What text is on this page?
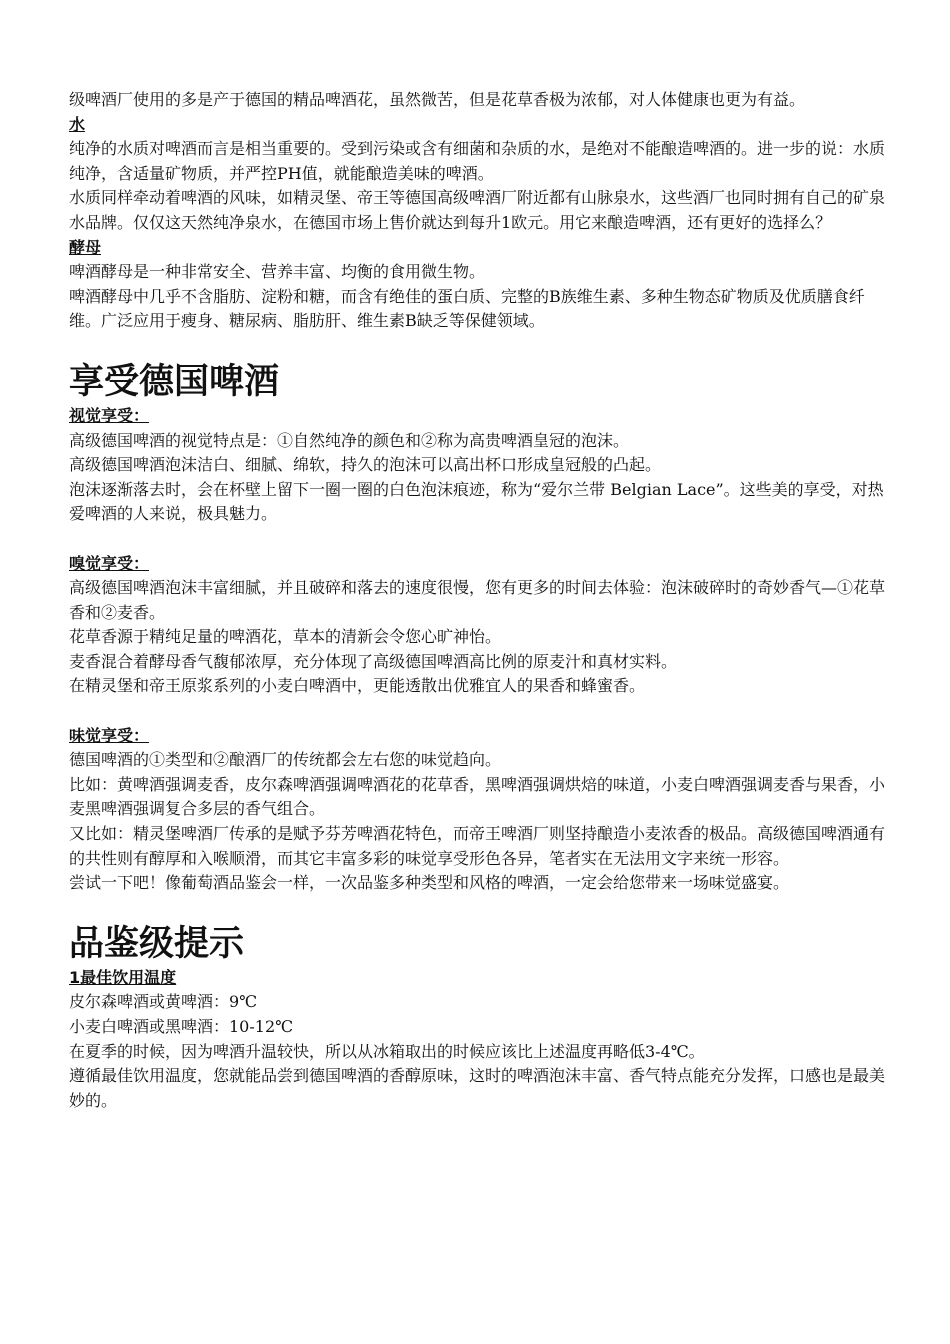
级啤酒厂使用的多是产于德国的精品啤酒花，虽然微苦，但是花草香极为浓郁，对人体健康也更为有益。

水

纯净的水质对啤酒而言是相当重要的。受到污染或含有细菌和杂质的水，是绝对不能酿造啤酒的。进一步的说：水质纯净，含适量矿物质，并严控PH值，就能酿造美味的啤酒。

水质同样牵动着啤酒的风味，如精灵堡、帝王等德国高级啤酒厂附近都有山脉泉水，这些酒厂也同时拥有自己的矿泉水品牌。仅仅这天然纯净泉水，在德国市场上售价就达到每升1欧元。用它来酿造啤酒，还有更好的选择么？

酵母

啤酒酵母是一种非常安全、营养丰富、均衡的食用微生物。

啤酒酵母中几乎不含脂肪、淀粉和糖，而含有绝佳的蛋白质、完整的B族维生素、多种生物态矿物质及优质膳食纤维。广泛应用于瘦身、糖尿病、脂肪肝、维生素B缺乏等保健领域。

享受德国啤酒

视觉享受：

高级德国啤酒的视觉特点是：①自然纯净的颜色和②称为高贵啤酒皇冠的泡沫。

高级德国啤酒泡沫洁白、细腻、绵软，持久的泡沫可以高出杯口形成皇冠般的凸起。

泡沫逐渐落去时，会在杯壁上留下一圈一圈的白色泡沫痕迹，称为“爱尔兰带 Belgian Lace”。这些美的享受，对热爱啤酒的人来说，极具魅力。

嗅觉享受：

高级德国啤酒泡沫丰富细腻，并且破碎和落去的速度很慢，您有更多的时间去体验：泡沫破碎时的奇妙香气—①花草香和②麦香。

花草香源于精纯足量的啤酒花，草本的清新会令您心旷神怡。

麦香混合着酵母香气馥郁浓厚，充分体现了高级德国啤酒高比例的原麦汁和真材实料。

在精灵堡和帝王原浆系列的小麦白啤酒中，更能透散出优雅宜人的果香和蜂蜜香。

味觉享受：

德国啤酒的①类型和②酿酒厂的传统都会左右您的味觉趋向。

比如：黄啤酒强调麦香，皮尔森啤酒强调啤酒花的花草香，黑啤酒强调烘焙的味道，小麦白啤酒强调麦香与果香，小麦黑啤酒强调复合多层的香气组合。

又比如：精灵堡啤酒厂传承的是赋予芬芳啤酒花特色，而帝王啤酒厂则坚持酿造小麦浓香的极品。高级德国啤酒通有的共性则有醇厚和入喉顺滑，而其它丰富多彩的味觉享受形色各异，笔者实在无法用文字来统一形容。

尝试一下吧！像葡萄酒品鉴会一样，一次品鉴多种类型和风格的啤酒，一定会给您带来一场味觉盛宴。

品鉴级提示

1最佳饮用温度

皮尔森啤酒或黄啤酒：9℃

小麦白啤酒或黑啤酒：10-12℃

在夏季的时候，因为啤酒升温较快，所以从冰箱取出的时候应该比上述温度再略低3-4℃。

遵循最佳饮用温度，您就能品尝到德国啤酒的香醇原味，这时的啤酒泡沫丰富、香气特点能充分发挥，口感也是最美妙的。
